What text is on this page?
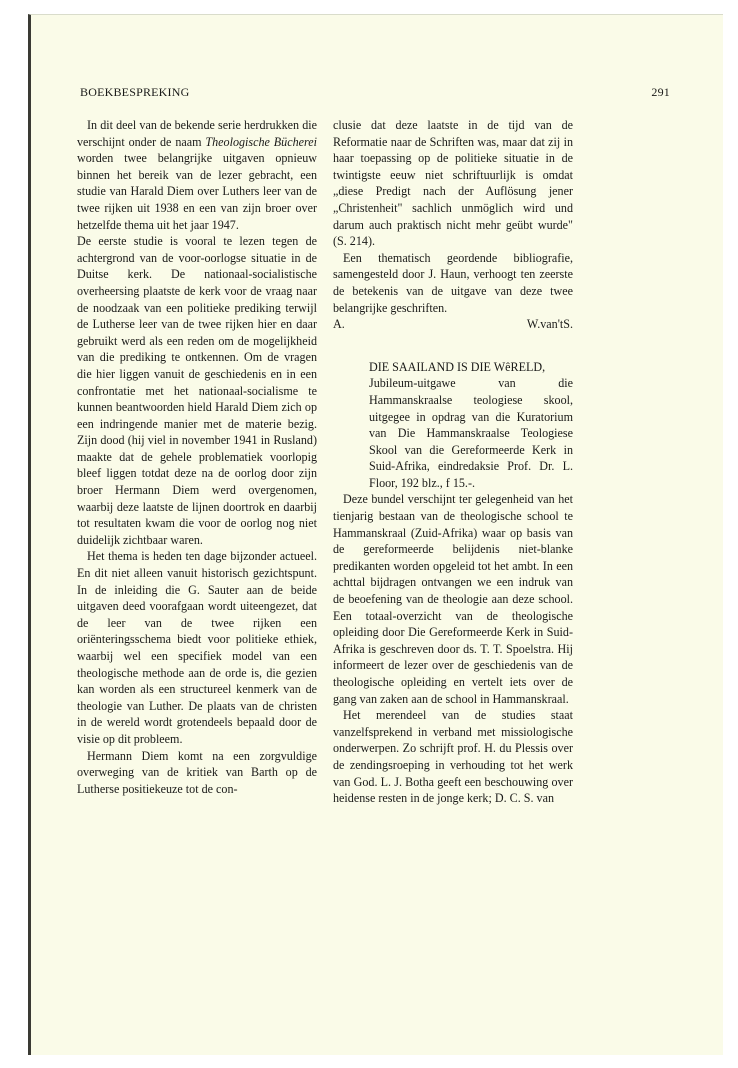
BOEKBESPREKING	291

In dit deel van de bekende serie herdrukken die verschijnt onder de naam Theologische Bücherei worden twee belangrijke uitgaven opnieuw binnen het bereik van de lezer gebracht, een studie van Harald Diem over Luthers leer van de twee rijken uit 1938 en een van zijn broer over hetzelfde thema uit het jaar 1947.

De eerste studie is vooral te lezen tegen de achtergrond van de voor-oorlogse situatie in de Duitse kerk. De nationaal-socialistische overheersing plaatste de kerk voor de vraag naar de noodzaak van een politieke prediking terwijl de Lutherse leer van de twee rijken hier en daar gebruikt werd als een reden om de mogelijkheid van die prediking te ontkennen. Om de vragen die hier liggen vanuit de geschiedenis en in een confrontatie met het nationaal-socialisme te kunnen beantwoorden hield Harald Diem zich op een indringende manier met de materie bezig. Zijn dood (hij viel in november 1941 in Rusland) maakte dat de gehele problematiek voorlopig bleef liggen totdat deze na de oorlog door zijn broer Hermann Diem werd overgenomen, waarbij deze laatste de lijnen doortrok en daarbij tot resultaten kwam die voor de oorlog nog niet duidelijk zichtbaar waren.

Het thema is heden ten dage bijzonder actueel. En dit niet alleen vanuit historisch gezichtspunt. In de inleiding die G. Sauter aan de beide uitgaven deed voorafgaan wordt uiteengezet, dat de leer van de twee rijken een oriënteringsschema biedt voor politieke ethiek, waarbij wel een specifiek model van een theologische methode aan de orde is, die gezien kan worden als een structureel kenmerk van de theologie van Luther. De plaats van de christen in de wereld wordt grotendeels bepaald door de visie op dit probleem.

Hermann Diem komt na een zorgvuldige overweging van de kritiek van Barth op de Lutherse positiekeuze tot de con-

clusie dat deze laatste in de tijd van de Reformatie naar de Schriften was, maar dat zij in haar toepassing op de politieke situatie in de twintigste eeuw niet schriftuurlijk is omdat „diese Predigt nach der Auflösung jener „Christenheit" sachlich unmöglich wird und darum auch praktisch nicht mehr geübt wurde" (S. 214).

Een thematisch geordende bibliografie, samengesteld door J. Haun, verhoogt ten zeerste de betekenis van de uitgave van deze twee belangrijke geschriften.

A.	W.van'tS.

DIE SAAILAND IS DIE WêRELD,
Jubileum-uitgawe van die Hammanskraalse teologiese skool, uitgegee in opdrag van die Kuratorium van Die Hammanskraalse Teologiese Skool van die Gereformeerde Kerk in Suid-Afrika, eindredaksie Prof. Dr. L. Floor, 192 blz., f 15.-.

Deze bundel verschijnt ter gelegenheid van het tienjarig bestaan van de theologische school te Hammanskraal (Zuid-Afrika) waar op basis van de gereformeerde belijdenis niet-blanke predikanten worden opgeleid tot het ambt. In een achttal bijdragen ontvangen we een indruk van de beoefening van de theologie aan deze school. Een totaal-overzicht van de theologische opleiding door Die Gereformeerde Kerk in Suid-Afrika is geschreven door ds. T. T. Spoelstra. Hij informeert de lezer over de geschiedenis van de theologische opleiding en vertelt iets over de gang van zaken aan de school in Hammanskraal.

Het merendeel van de studies staat vanzelfsprekend in verband met missiologische onderwerpen. Zo schrijft prof. H. du Plessis over de zendingsroeping in verhouding tot het werk van God. L. J. Botha geeft een beschouwing over heidense resten in de jonge kerk; D. C. S. van
